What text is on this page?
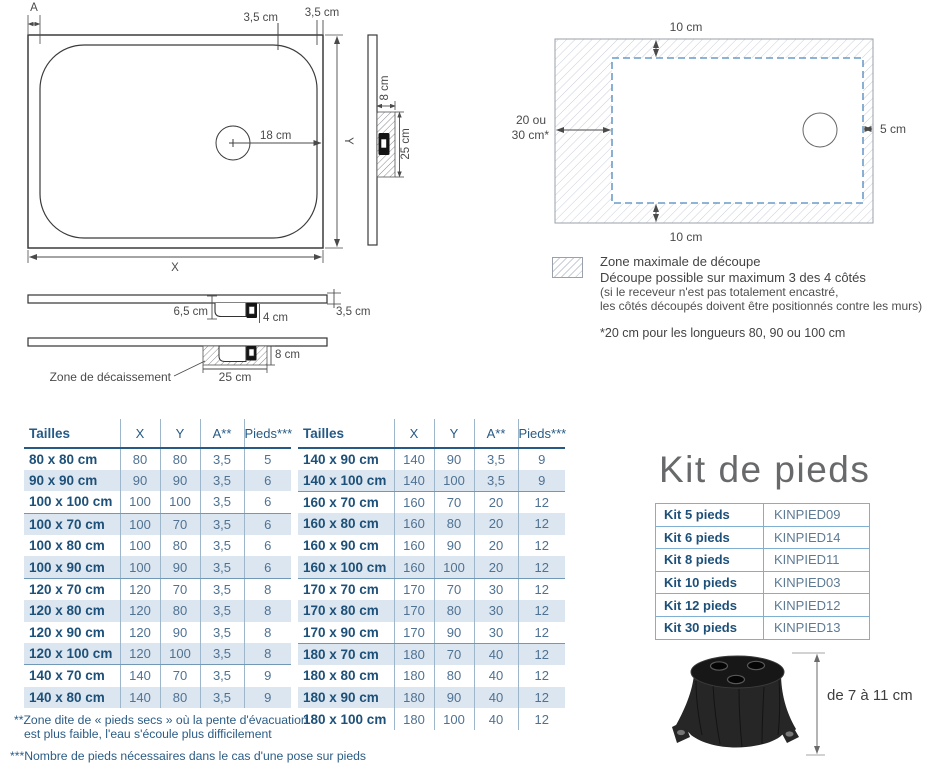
18 cm
A
3,5 cm 3,5 cm
Y
X
8 cm
25 cm
6,5 cm	4 cm	3,5 cm
8 cm
25 cm
Zone de décaissement
10 cm
10 cm
20 ou
30 cm*	5 cm
Zone maximale de découpe
Découpe possible sur maximum 3 des 4 côtés
(si le receveur n'est pas totalement encastré,
les côtés découpés doivent être positionnés contre les murs)
*20 cm pour les longueurs 80, 90 ou 100 cm
Tailles	X	Y	A**	Pieds***
80 x 80 cm	80	80	3,5	5
90 x 90 cm	90	90	3,5	6
100 x 100 cm	100	100	3,5	6
100 x 70 cm	100	70	3,5	6
100 x 80 cm	100	80	3,5	6
100 x 90 cm	100	90	3,5	6
120 x 70 cm	120	70	3,5	8
120 x 80 cm	120	80	3,5	8
120 x 90 cm	120	90	3,5	8
120 x 100 cm	120	100	3,5	8
140 x 70 cm	140	70	3,5	9
140 x 80 cm	140	80	3,5	9
Tailles	X	Y	A**	Pieds***
140 x 90 cm	140	90	3,5	9
140 x 100 cm	140	100	3,5	9
160 x 70 cm	160	70	20	12
160 x 80 cm	160	80	20	12
160 x 90 cm	160	90	20	12
160 x 100 cm	160	100	20	12
170 x 70 cm	170	70	30	12
170 x 80 cm	170	80	30	12
170 x 90 cm	170	90	30	12
180 x 70 cm	180	70	40	12
180 x 80 cm	180	80	40	12
180 x 90 cm	180	90	40	12
180 x 100 cm	180	100	40	12
**Zone dite de « pieds secs » où la pente d'évacuation
est plus faible, l'eau s'écoule plus difficilement
***Nombre de pieds nécessaires dans le cas d'une pose sur pieds
Kit de pieds
Kit 5 pieds	KINPIED09
Kit 6 pieds	KINPIED14
Kit 8 pieds	KINPIED11
Kit 10 pieds	KINPIED03
Kit 12 pieds	KINPIED12
Kit 30 pieds	KINPIED13
de 7 à 11 cm
